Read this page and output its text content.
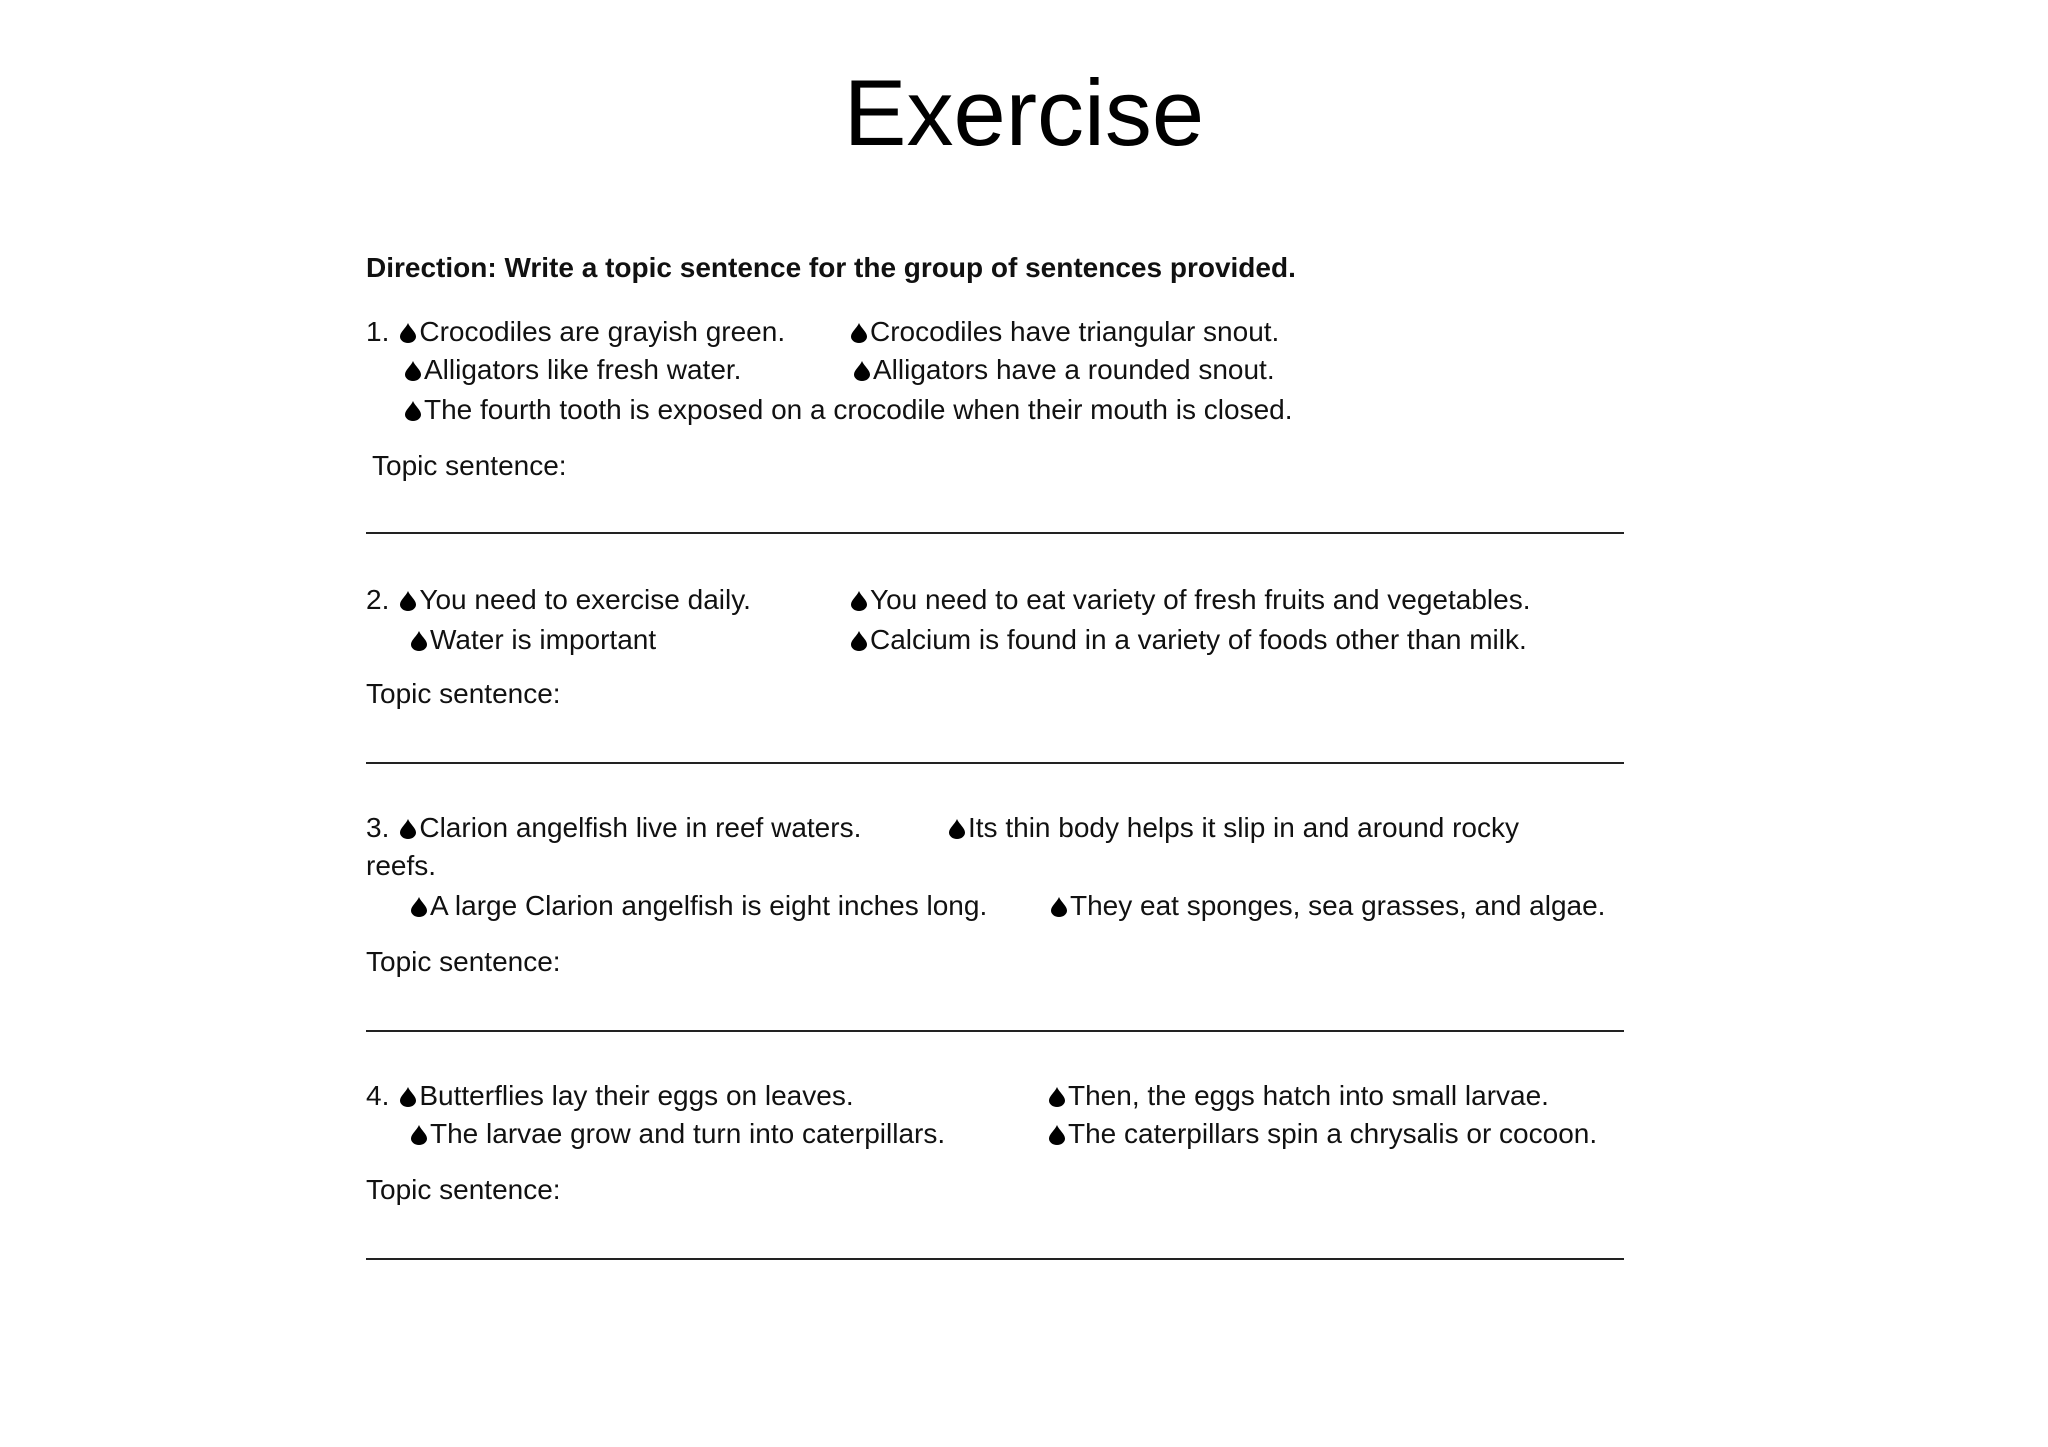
Exercise
Direction: Write a topic sentence for the group of sentences provided.
1. Crocodiles are grayish green.	Crocodiles have triangular snout.
Alligators like fresh water.	Alligators have a rounded snout.
The fourth tooth is exposed on a crocodile when their mouth is closed.
Topic sentence:
2. You need to exercise daily.	You need to eat variety of fresh fruits and vegetables.
Water is important	Calcium is found in a variety of foods other than milk.
Topic sentence:
3. Clarion angelfish live in reef waters.	Its thin body helps it slip in and around rocky
reefs.
A large Clarion angelfish is eight inches long.	They eat sponges, sea grasses, and algae.
Topic sentence:
4. Butterflies lay their eggs on leaves.	Then, the eggs hatch into small larvae.
The larvae grow and turn into caterpillars.	The caterpillars spin a chrysalis or cocoon.
Topic sentence:
